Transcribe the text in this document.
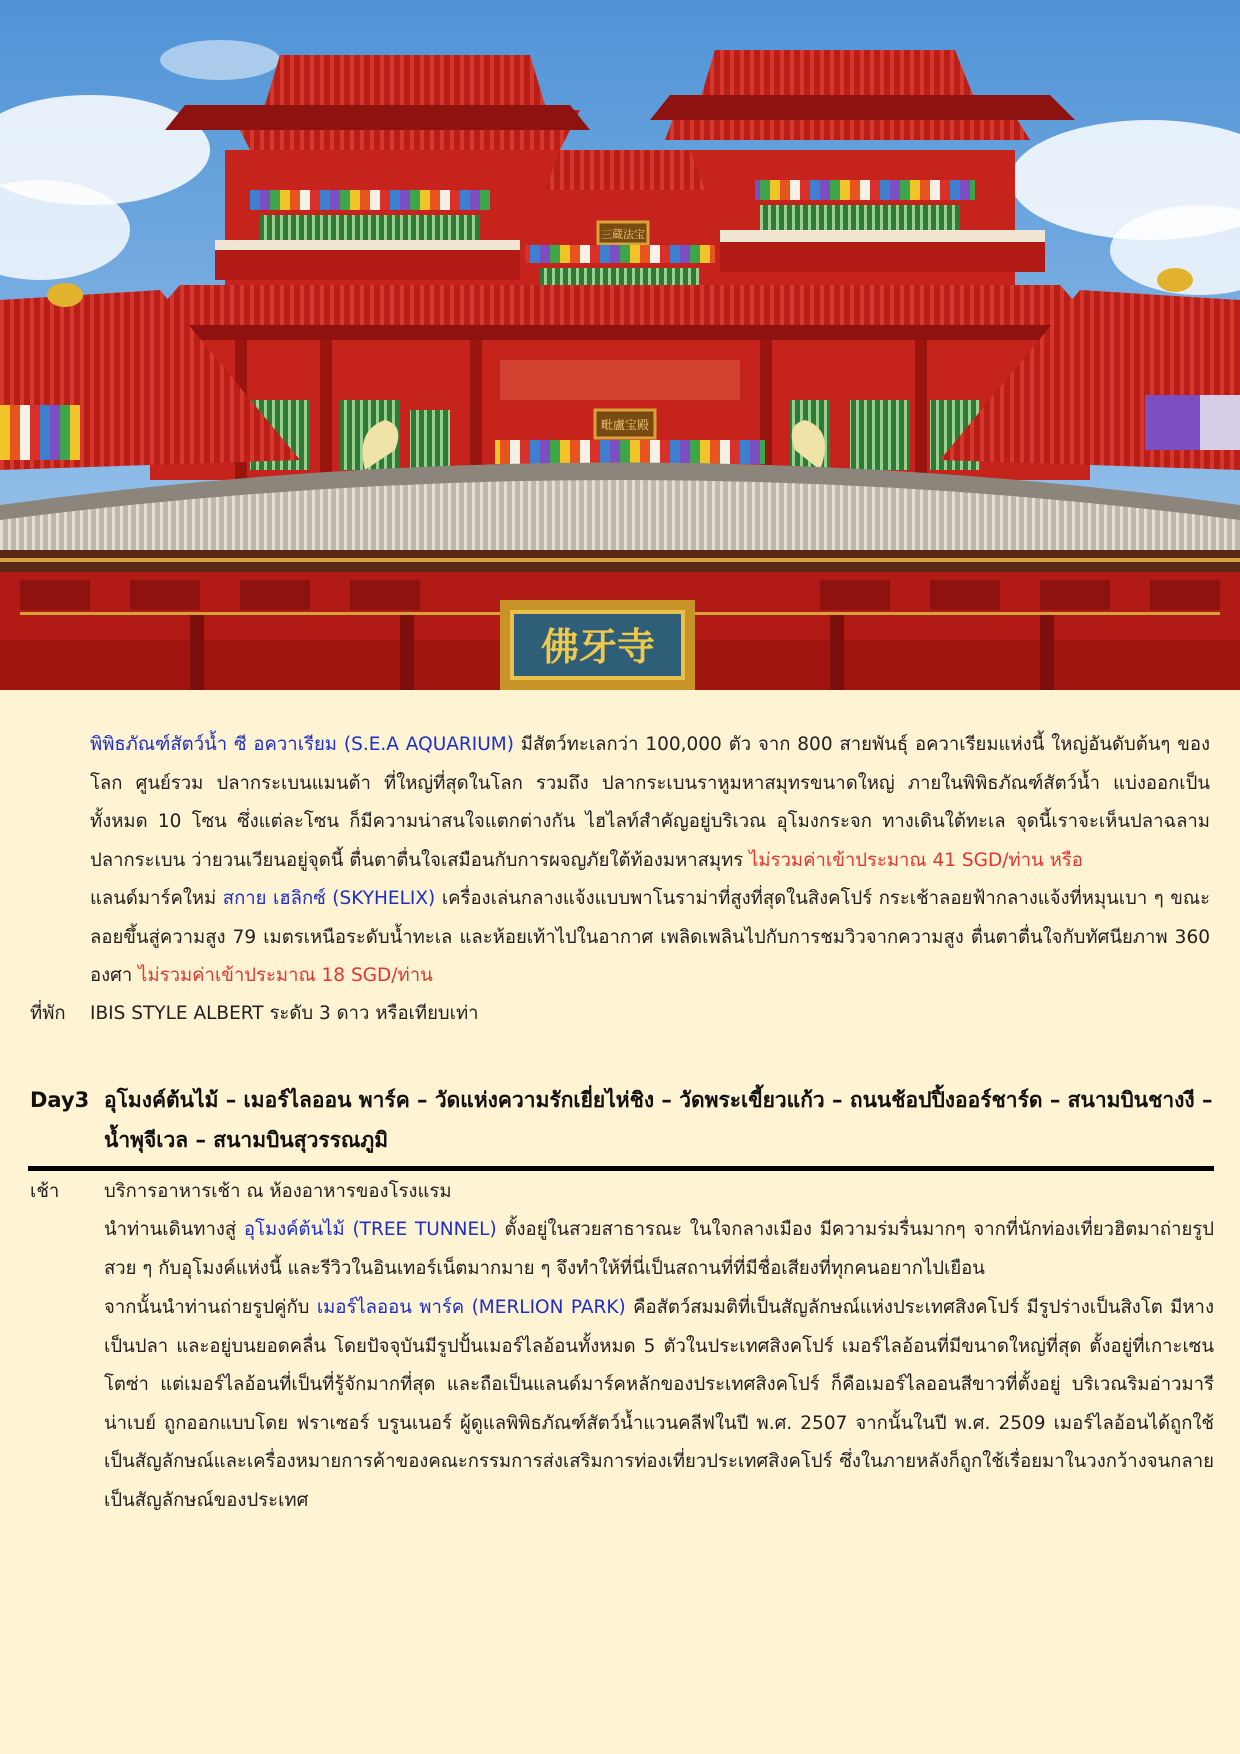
三蔵法宝
毗盧宝殿
佛牙寺
พิพิธภัณฑ์สัตว์น้ำ ซี อควาเรียม (S.E.A AQUARIUM) มีสัตว์ทะเลกว่า 100,000 ตัว จาก 800 สายพันธุ์ อควาเรียมแห่งนี้ ใหญ่อันดับต้นๆ ของโลก ศูนย์รวม ปลากระเบนแมนต้า ที่ใหญ่ที่สุดในโลก รวมถึง ปลากระเบนราหูมหาสมุทรขนาดใหญ่ ภายในพิพิธภัณฑ์สัตว์น้ำ แบ่งออกเป็นทั้งหมด 10 โซน ซึ่งแต่ละโซน ก็มีความน่าสนใจแตกต่างกัน ไฮไลท์สำคัญอยู่บริเวณ อุโมงกระจก ทางเดินใต้ทะเล จุดนี้เราจะเห็นปลาฉลาม ปลากระเบน ว่ายวนเวียนอยู่จุดนี้ ตื่นตาตื่นใจเสมือนกับการผจญภัยใต้ท้องมหาสมุทร ไม่รวมค่าเข้าประมาณ 41 SGD/ท่าน หรือ
แลนด์มาร์คใหม่ สกาย เฮลิกซ์ (SKYHELIX) เครื่องเล่นกลางแจ้งแบบพาโนราม่าที่สูงที่สุดในสิงคโปร์ กระเช้าลอยฟ้ากลางแจ้งที่หมุนเบา ๆ ขณะลอยขึ้นสู่ความสูง 79 เมตรเหนือระดับน้ำทะเล และห้อยเท้าไปในอากาศ เพลิดเพลินไปกับการชมวิวจากความสูง ตื่นตาตื่นใจกับทัศนียภาพ 360 องศา ไม่รวมค่าเข้าประมาณ 18 SGD/ท่าน
ที่พัก IBIS STYLE ALBERT ระดับ 3 ดาว หรือเทียบเท่า
Day3 อุโมงค์ต้นไม้ – เมอร์ไลออน พาร์ค – วัดแห่งความรักเยี่ยไห่ชิง – วัดพระเขี้ยวแก้ว – ถนนช้อปปิ้งออร์ชาร์ด – สนามบินชางงี – น้ำพุจีเวล – สนามบินสุวรรณภูมิ
เช้า บริการอาหารเช้า ณ ห้องอาหารของโรงแรม
นำท่านเดินทางสู่ อุโมงค์ต้นไม้ (TREE TUNNEL) ตั้งอยู่ในสวยสาธารณะ ในใจกลางเมือง มีความร่มรื่นมากๆ จากที่นักท่องเที่ยวฮิตมาถ่ายรูปสวย ๆ กับอุโมงค์แห่งนี้ และรีวิวในอินเทอร์เน็ตมากมาย ๆ จึงทำให้ที่นี่เป็นสถานที่ที่มีชื่อเสียงที่ทุกคนอยากไปเยือน
จากนั้นนำท่านถ่ายรูปคู่กับ เมอร์ไลออน พาร์ค (MERLION PARK) คือสัตว์สมมติที่เป็นสัญลักษณ์แห่งประเทศสิงคโปร์ มีรูปร่างเป็นสิงโต มีหางเป็นปลา และอยู่บนยอดคลื่น โดยปัจจุบันมีรูปปั้นเมอร์ไลอ้อนทั้งหมด 5 ตัวในประเทศสิงคโปร์ เมอร์ไลอ้อนที่มีขนาดใหญ่ที่สุด ตั้งอยู่ที่เกาะเซนโตซ่า แต่เมอร์ไลอ้อนที่เป็นที่รู้จักมากที่สุด และถือเป็นแลนด์มาร์คหลักของประเทศสิงคโปร์ ก็คือเมอร์ไลออนสีขาวที่ตั้งอยู่ บริเวณริมอ่าวมารีน่าเบย์ ถูกออกแบบโดย ฟราเซอร์ บรูนเนอร์ ผู้ดูแลพิพิธภัณฑ์สัตว์น้ำแวนคลีฟในปี พ.ศ. 2507 จากนั้นในปี พ.ศ. 2509 เมอร์ไลอ้อนได้ถูกใช้เป็นสัญลักษณ์และเครื่องหมายการค้าของคณะกรรมการส่งเสริมการท่องเที่ยวประเทศสิงคโปร์ ซึ่งในภายหลังก็ถูกใช้เรื่อยมาในวงกว้างจนกลายเป็นสัญลักษณ์ของประเทศ
